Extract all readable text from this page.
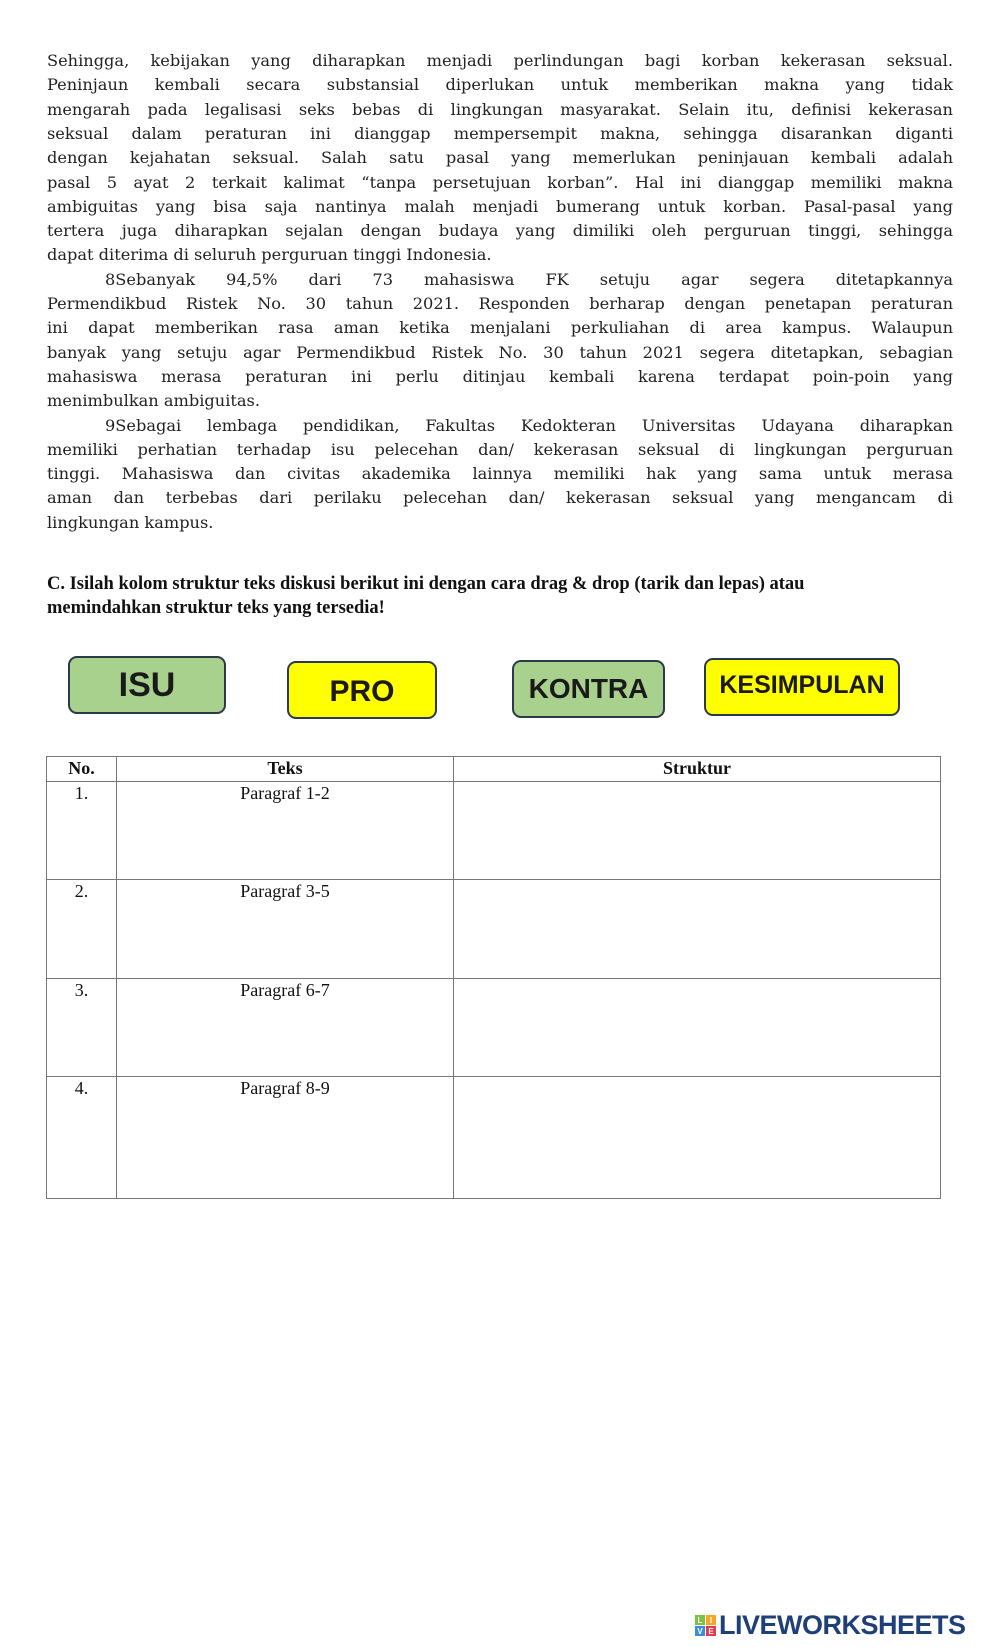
Sehingga, kebijakan yang diharapkan menjadi perlindungan bagi korban kekerasan seksual.
Peninjaun kembali secara substansial diperlukan untuk memberikan makna yang tidak
mengarah pada legalisasi seks bebas di lingkungan masyarakat. Selain itu, definisi kekerasan
seksual dalam peraturan ini dianggap mempersempit makna, sehingga disarankan diganti
dengan kejahatan seksual. Salah satu pasal yang memerlukan peninjauan kembali adalah
pasal 5 ayat 2 terkait kalimat “tanpa persetujuan korban”. Hal ini dianggap memiliki makna
ambiguitas yang bisa saja nantinya malah menjadi bumerang untuk korban. Pasal-pasal yang
tertera juga diharapkan sejalan dengan budaya yang dimiliki oleh perguruan tinggi, sehingga
dapat diterima di seluruh perguruan tinggi Indonesia.
8Sebanyak 94,5% dari 73 mahasiswa FK setuju agar segera ditetapkannya
Permendikbud Ristek No. 30 tahun 2021. Responden berharap dengan penetapan peraturan
ini dapat memberikan rasa aman ketika menjalani perkuliahan di area kampus. Walaupun
banyak yang setuju agar Permendikbud Ristek No. 30 tahun 2021 segera ditetapkan, sebagian
mahasiswa merasa peraturan ini perlu ditinjau kembali karena terdapat poin-poin yang
menimbulkan ambiguitas.
9Sebagai lembaga pendidikan, Fakultas Kedokteran Universitas Udayana diharapkan
memiliki perhatian terhadap isu pelecehan dan/ kekerasan seksual di lingkungan perguruan
tinggi. Mahasiswa dan civitas akademika lainnya memiliki hak yang sama untuk merasa
aman dan terbebas dari perilaku pelecehan dan/ kekerasan seksual yang mengancam di
lingkungan kampus.
C. Isilah kolom struktur teks diskusi berikut ini dengan cara drag & drop (tarik dan lepas) atau
memindahkan struktur teks yang tersedia!
ISU	PRO	KONTRA	KESIMPULAN
No.	Teks	Struktur
1.	Paragraf 1-2	
2.	Paragraf 3-5	
3.	Paragraf 6-7	
4.	Paragraf 8-9	
L I
V E LIVEWORKSHEETS
